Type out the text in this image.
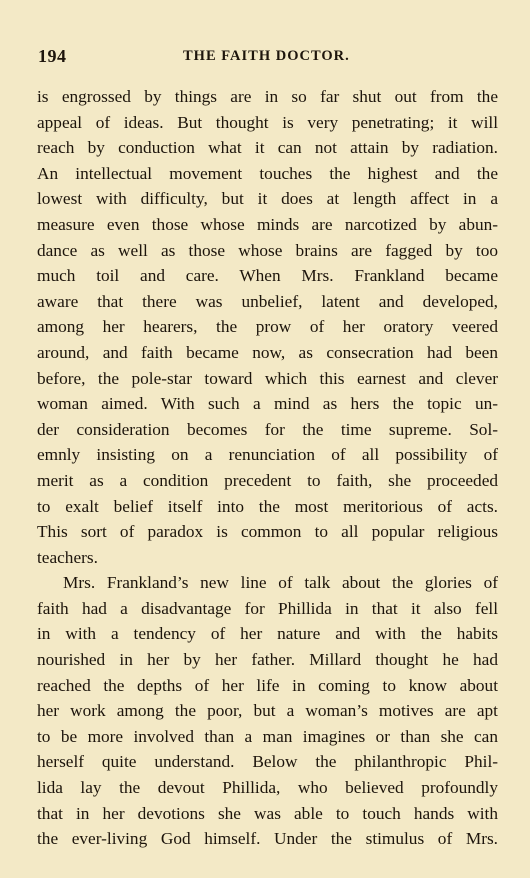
194	THE FAITH DOCTOR.
is engrossed by things are in so far shut out from the
appeal of ideas. But thought is very penetrating; it will
reach by conduction what it can not attain by radiation.
An intellectual movement touches the highest and the
lowest with difficulty, but it does at length affect in a
measure even those whose minds are narcotized by abun-
dance as well as those whose brains are fagged by too
much toil and care. When Mrs. Frankland became
aware that there was unbelief, latent and developed,
among her hearers, the prow of her oratory veered
around, and faith became now, as consecration had been
before, the pole-star toward which this earnest and clever
woman aimed. With such a mind as hers the topic un-
der consideration becomes for the time supreme. Sol-
emnly insisting on a renunciation of all possibility of
merit as a condition precedent to faith, she proceeded
to exalt belief itself into the most meritorious of acts.
This sort of paradox is common to all popular religious
teachers.
Mrs. Frankland’s new line of talk about the glories of
faith had a disadvantage for Phillida in that it also fell
in with a tendency of her nature and with the habits
nourished in her by her father. Millard thought he had
reached the depths of her life in coming to know about
her work among the poor, but a woman’s motives are apt
to be more involved than a man imagines or than she can
herself quite understand. Below the philanthropic Phil-
lida lay the devout Phillida, who believed profoundly
that in her devotions she was able to touch hands with
the ever-living God himself. Under the stimulus of Mrs.
